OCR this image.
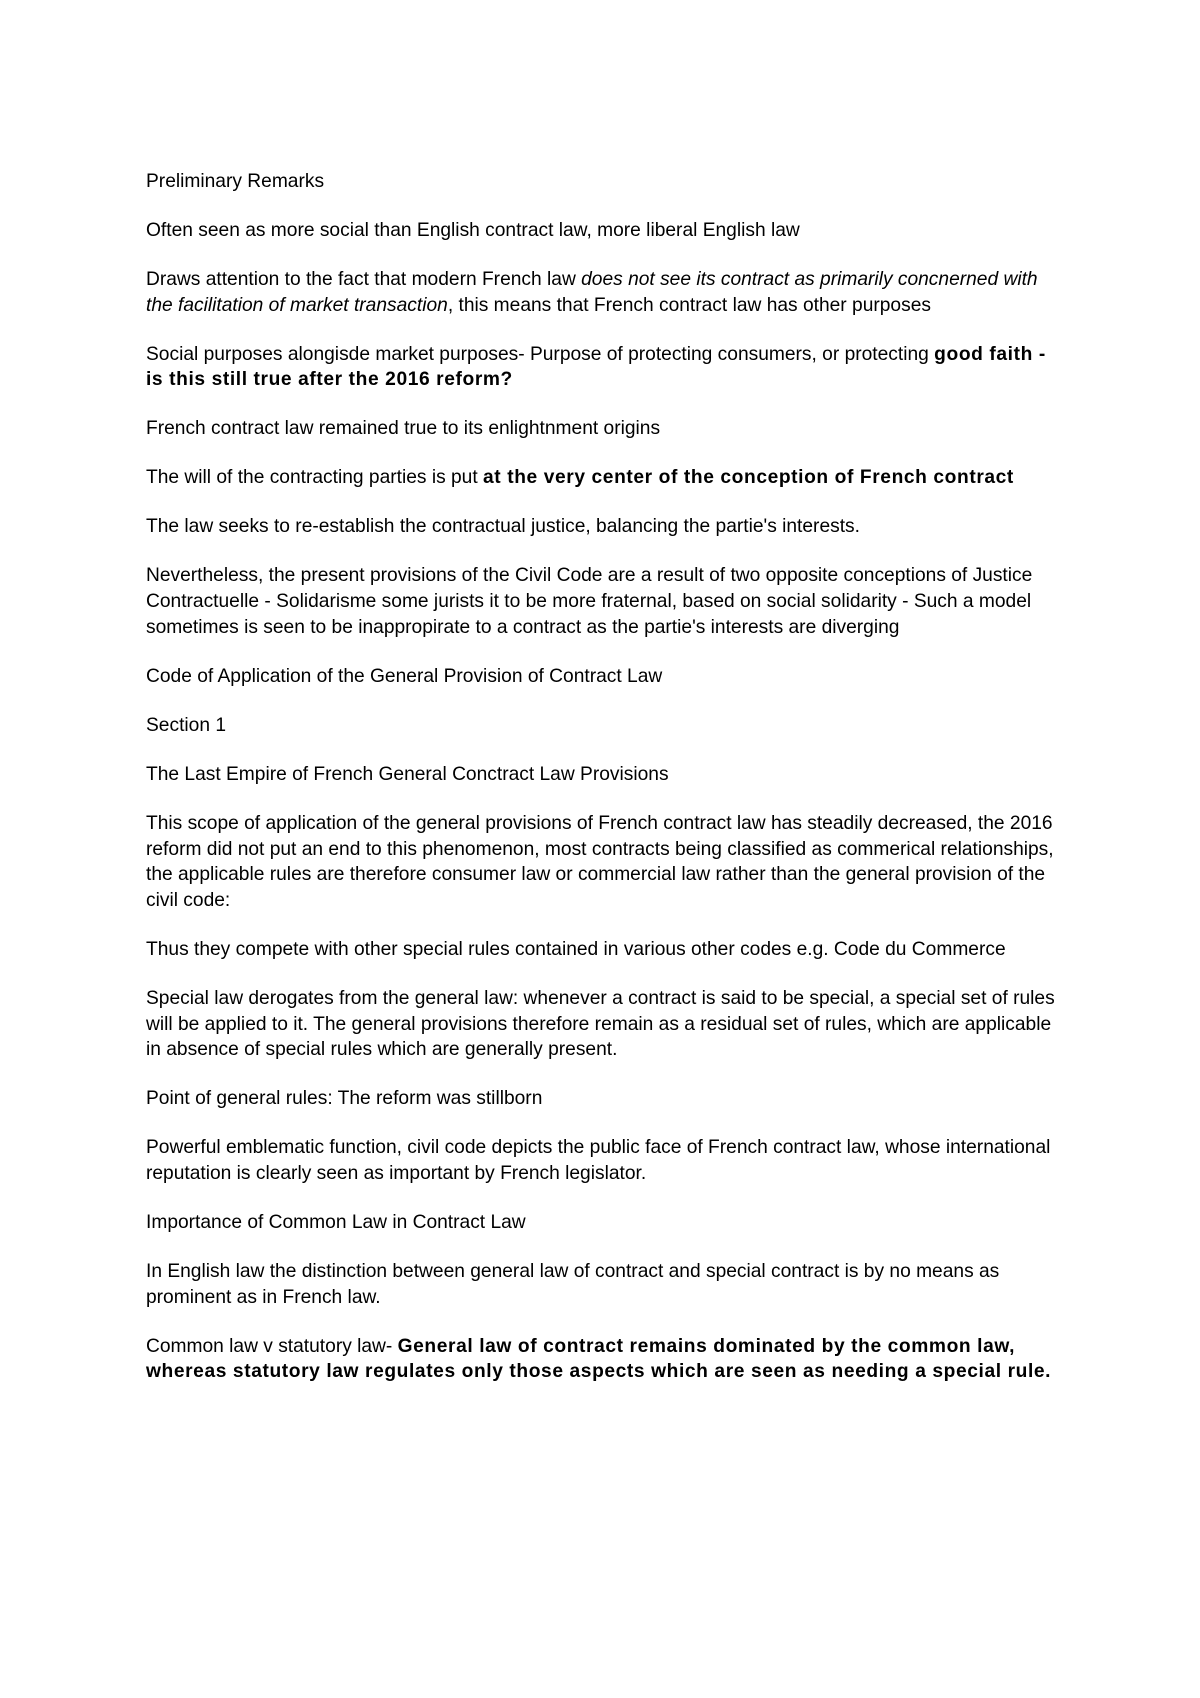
Preliminary Remarks

Often seen as more social than English contract law, more liberal English law

Draws attention to the fact that modern French law does not see its contract as primarily concnerned with the facilitation of market transaction, this means that French contract law has other purposes

Social purposes alongisde market purposes- Purpose of protecting consumers, or protecting good faith - is this still true after the 2016 reform?

French contract law remained true to its enlightnment origins

The will of the contracting parties is put at the very center of the conception of French contract

The law seeks to re-establish the contractual justice, balancing the partie's interests.

Nevertheless, the present provisions of the Civil Code are a result of two opposite conceptions of Justice Contractuelle - Solidarisme some jurists it to be more fraternal, based on social solidarity - Such a model sometimes is seen to be inappropirate to a contract as the partie's interests are diverging

Code of Application of the General Provision of Contract Law

Section 1

The Last Empire of French General Conctract Law Provisions

This scope of application of the general provisions of French contract law has steadily decreased, the 2016 reform did not put an end to this phenomenon, most contracts being classified as commerical relationships, the applicable rules are therefore consumer law or commercial law rather than the general provision of the civil code:

Thus they compete with other special rules contained in various other codes e.g. Code du Commerce

Special law derogates from the general law: whenever a contract is said to be special, a special set of rules will be applied to it. The general provisions therefore remain as a residual set of rules, which are applicable in absence of special rules which are generally present.

Point of general rules: The reform was stillborn

Powerful emblematic function, civil code depicts the public face of French contract law, whose international reputation is clearly seen as important by French legislator.

Importance of Common Law in Contract Law

In English law the distinction between general law of contract and special contract is by no means as prominent as in French law.

Common law v statutory law- General law of contract remains dominated by the common law, whereas statutory law regulates only those aspects which are seen as needing a special rule.
